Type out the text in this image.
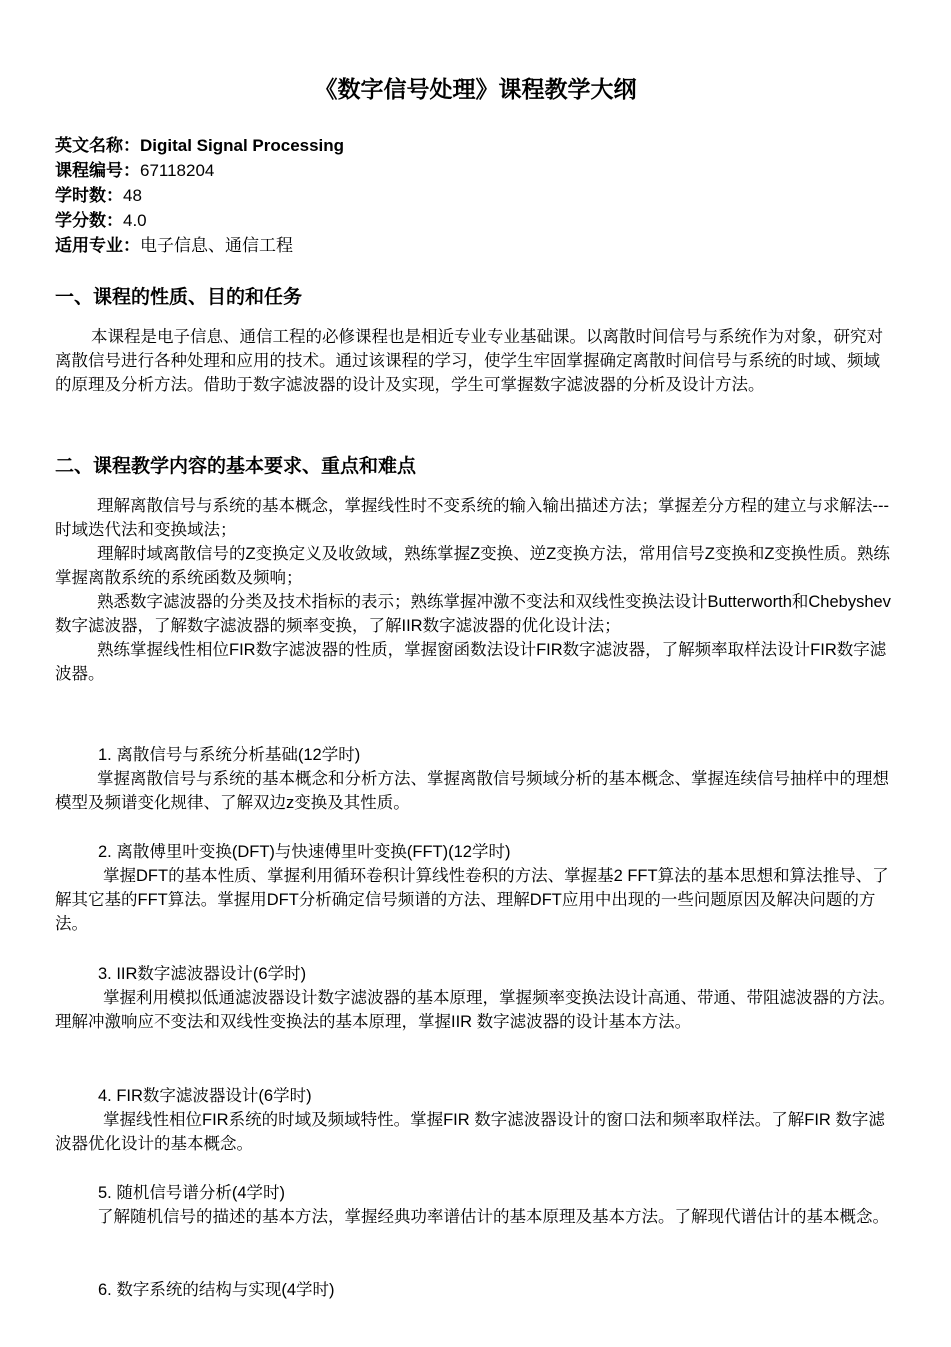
《数字信号处理》课程教学大纲
英文名称：Digital Signal Processing
课程编号：67118204
学时数：48
学分数：4.0
适用专业：电子信息、通信工程
一、课程的性质、目的和任务
本课程是电子信息、通信工程的必修课程也是相近专业专业基础课。以离散时间信号与系统作为对象，研究对离散信号进行各种处理和应用的技术。通过该课程的学习，使学生牢固掌握确定离散时间信号与系统的时域、频域的原理及分析方法。借助于数字滤波器的设计及实现，学生可掌握数字滤波器的分析及设计方法。
二、课程教学内容的基本要求、重点和难点

理解离散信号与系统的基本概念，掌握线性时不变系统的输入输出描述方法；掌握差分方程的建立与求解法---时域迭代法和变换域法；

理解时域离散信号的Z变换定义及收敛域，熟练掌握Z变换、逆Z变换方法，常用信号Z变换和Z变换性质。熟练掌握离散系统的系统函数及频响；

熟悉数字滤波器的分类及技术指标的表示；熟练掌握冲激不变法和双线性变换法设计Butterworth和Chebyshev数字滤波器，了解数字滤波器的频率变换，了解IIR数字滤波器的优化设计法；

熟练掌握线性相位FIR数字滤波器的性质，掌握窗函数法设计FIR数字滤波器，了解频率取样法设计FIR数字滤波器。

1. 离散信号与系统分析基础(12学时)
掌握离散信号与系统的基本概念和分析方法、掌握离散信号频域分析的基本概念、掌握连续信号抽样中的理想模型及频谱变化规律、了解双边z变换及其性质。
2. 离散傅里叶变换(DFT)与快速傅里叶变换(FFT)(12学时)
掌握DFT的基本性质、掌握利用循环卷积计算线性卷积的方法、掌握基2 FFT算法的基本思想和算法推导、了解其它基的FFT算法。掌握用DFT分析确定信号频谱的方法、理解DFT应用中出现的一些问题原因及解决问题的方法。
3. IIR数字滤波器设计(6学时)
掌握利用模拟低通滤波器设计数字滤波器的基本原理，掌握频率变换法设计高通、带通、带阻滤波器的方法。理解冲激响应不变法和双线性变换法的基本原理，掌握IIR 数字滤波器的设计基本方法。
4. FIR数字滤波器设计(6学时)
掌握线性相位FIR系统的时域及频域特性。掌握FIR 数字滤波器设计的窗口法和频率取样法。了解FIR 数字滤波器优化设计的基本概念。
5. 随机信号谱分析(4学时)
了解随机信号的描述的基本方法，掌握经典功率谱估计的基本原理及基本方法。了解现代谱估计的基本概念。
6. 数字系统的结构与实现(4学时)
